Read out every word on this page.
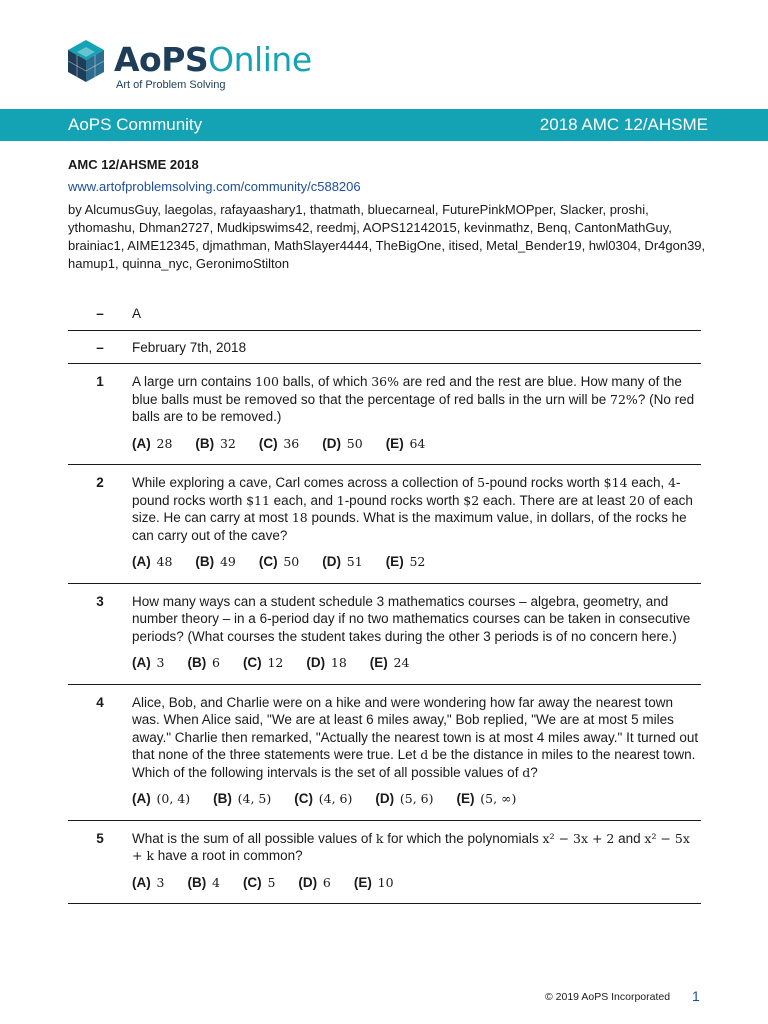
AoPSOnline
Art of Problem Solving
AoPS Community	2018 AMC 12/AHSME
AMC 12/AHSME 2018
www.artofproblemsolving.com/community/c588206
by AlcumusGuy, laegolas, rafayaashary1, thatmath, bluecarneal, FuturePinkMOPper, Slacker, proshi, ythomashu, Dhman2727, Mudkipswims42, reedmj, AOPS12142015, kevinmathz, Benq, CantonMathGuy, brainiac1, AIME12345, djmathman, MathSlayer4444, TheBigOne, itised, Metal_Bender19, hwl0304, Dr4gon39, hamup1, quinna_nyc, GeronimoStilton
–	A
–	February 7th, 2018
1	A large urn contains 100 balls, of which 36% are red and the rest are blue. How many of the blue balls must be removed so that the percentage of red balls in the urn will be 72%? (No red balls are to be removed.)
(A) 28 (B) 32 (C) 36 (D) 50 (E) 64
2	While exploring a cave, Carl comes across a collection of 5-pound rocks worth $14 each, 4-pound rocks worth $11 each, and 1-pound rocks worth $2 each. There are at least 20 of each size. He can carry at most 18 pounds. What is the maximum value, in dollars, of the rocks he can carry out of the cave?
(A) 48 (B) 49 (C) 50 (D) 51 (E) 52
3	How many ways can a student schedule 3 mathematics courses – algebra, geometry, and number theory – in a 6-period day if no two mathematics courses can be taken in consecutive periods? (What courses the student takes during the other 3 periods is of no concern here.)
(A) 3 (B) 6 (C) 12 (D) 18 (E) 24
4	Alice, Bob, and Charlie were on a hike and were wondering how far away the nearest town was. When Alice said, "We are at least 6 miles away," Bob replied, "We are at most 5 miles away." Charlie then remarked, "Actually the nearest town is at most 4 miles away." It turned out that none of the three statements were true. Let d be the distance in miles to the nearest town. Which of the following intervals is the set of all possible values of d?
(A) (0, 4) (B) (4, 5) (C) (4, 6) (D) (5, 6) (E) (5, ∞)
5	What is the sum of all possible values of k for which the polynomials x² − 3x + 2 and x² − 5x + k have a root in common?
(A) 3 (B) 4 (C) 5 (D) 6 (E) 10
© 2019 AoPS Incorporated 1
